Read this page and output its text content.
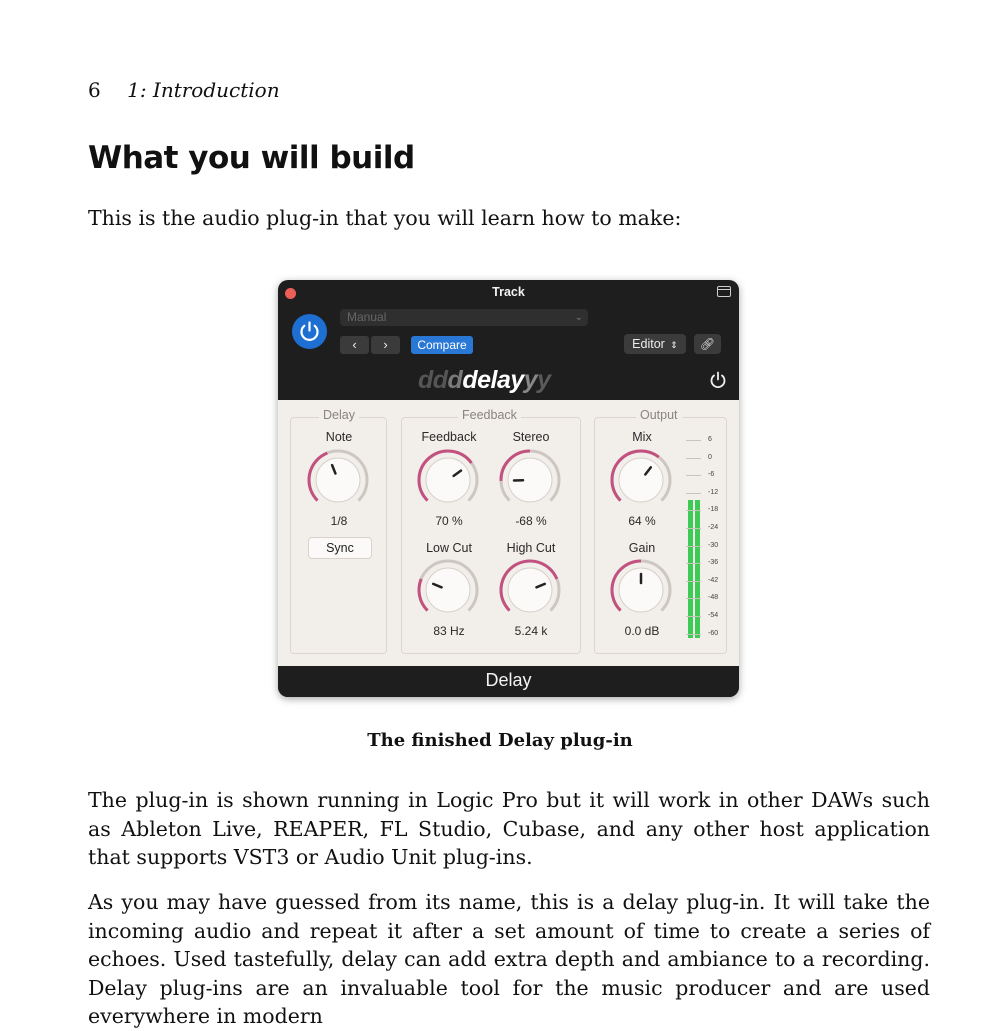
6 1: Introduction
What you will build
This is the audio plug-in that you will learn how to make:
Track
Manual	⌄
‹	›	Compare	Editor ⇕	🔗︎
ddddelayyy
Delay	Feedback	Output
Note
1/8
Sync
Feedback
70 %
Stereo
-68 %
Low Cut
83 Hz
High Cut
5.24 k
Mix
64 %
Gain
0.0 dB
6
0
-6
-12
-18
-24
-30
-36
-42
-48
-54
-60
Delay
The finished Delay plug-in
The plug-in is shown running in Logic Pro but it will work in other DAWs such as Ableton Live, REAPER, FL Studio, Cubase, and any other host application that supports VST3 or Audio Unit plug-ins.
As you may have guessed from its name, this is a delay plug-in. It will take the incoming audio and repeat it after a set amount of time to create a series of echoes. Used tastefully, delay can add extra depth and ambiance to a recording. Delay plug-ins are an invaluable tool for the music producer and are used everywhere in modern
